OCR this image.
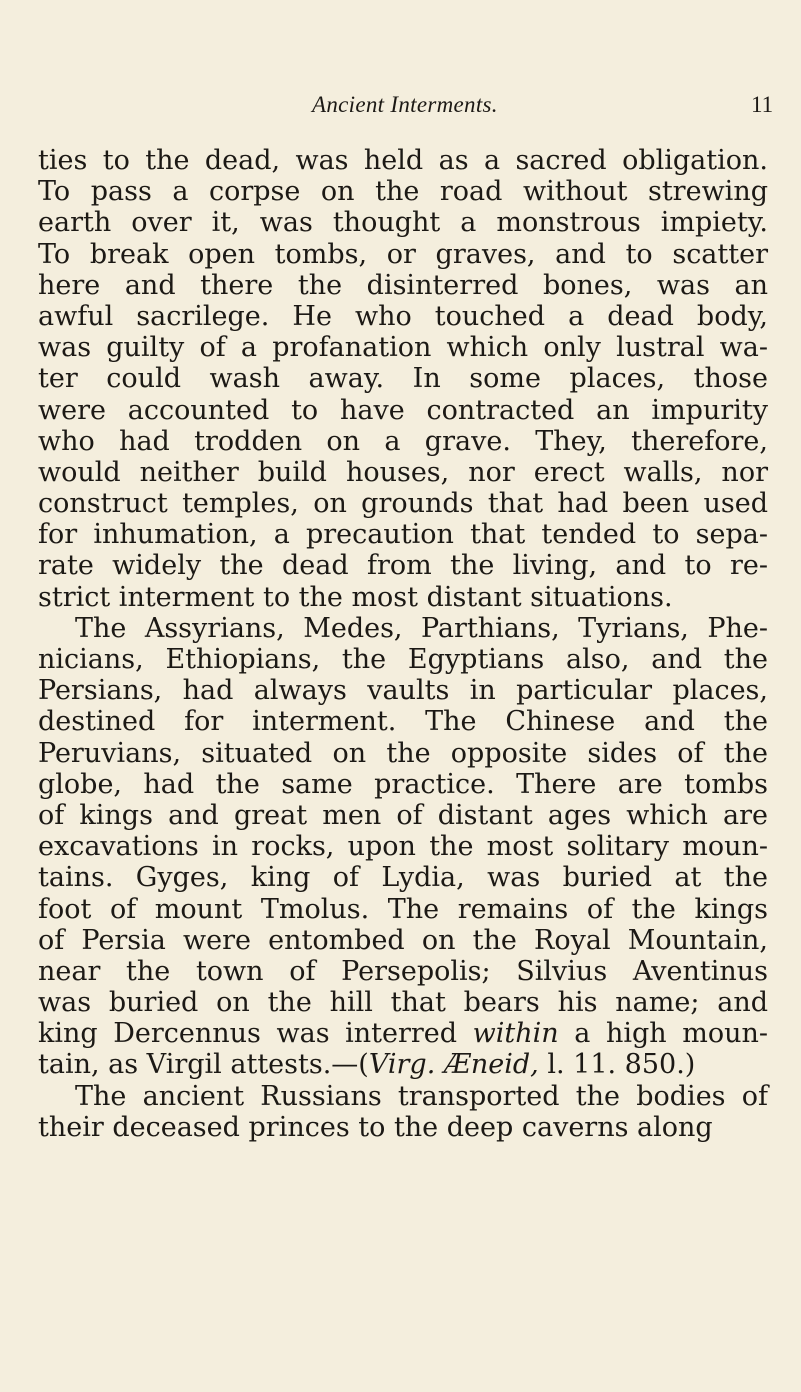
Ancient Interments.	11
ties to the dead, was held as a sacred obligation.
To pass a corpse on the road without strewing
earth over it, was thought a monstrous impiety.
To break open tombs, or graves, and to scatter
here and there the disinterred bones, was an
awful sacrilege. He who touched a dead body,
was guilty of a profanation which only lustral wa-
ter could wash away. In some places, those
were accounted to have contracted an impurity
who had trodden on a grave. They, therefore,
would neither build houses, nor erect walls, nor
construct temples, on grounds that had been used
for inhumation, a precaution that tended to sepa-
rate widely the dead from the living, and to re-
strict interment to the most distant situations.
The Assyrians, Medes, Parthians, Tyrians, Phe-
nicians, Ethiopians, the Egyptians also, and the
Persians, had always vaults in particular places,
destined for interment. The Chinese and the
Peruvians, situated on the opposite sides of the
globe, had the same practice. There are tombs
of kings and great men of distant ages which are
excavations in rocks, upon the most solitary moun-
tains. Gyges, king of Lydia, was buried at the
foot of mount Tmolus. The remains of the kings
of Persia were entombed on the Royal Mountain,
near the town of Persepolis; Silvius Aventinus
was buried on the hill that bears his name; and
king Dercennus was interred within a high moun-
tain, as Virgil attests.—(Virg. Æneid, l. 11. 850.)
The ancient Russians transported the bodies of
their deceased princes to the deep caverns along
